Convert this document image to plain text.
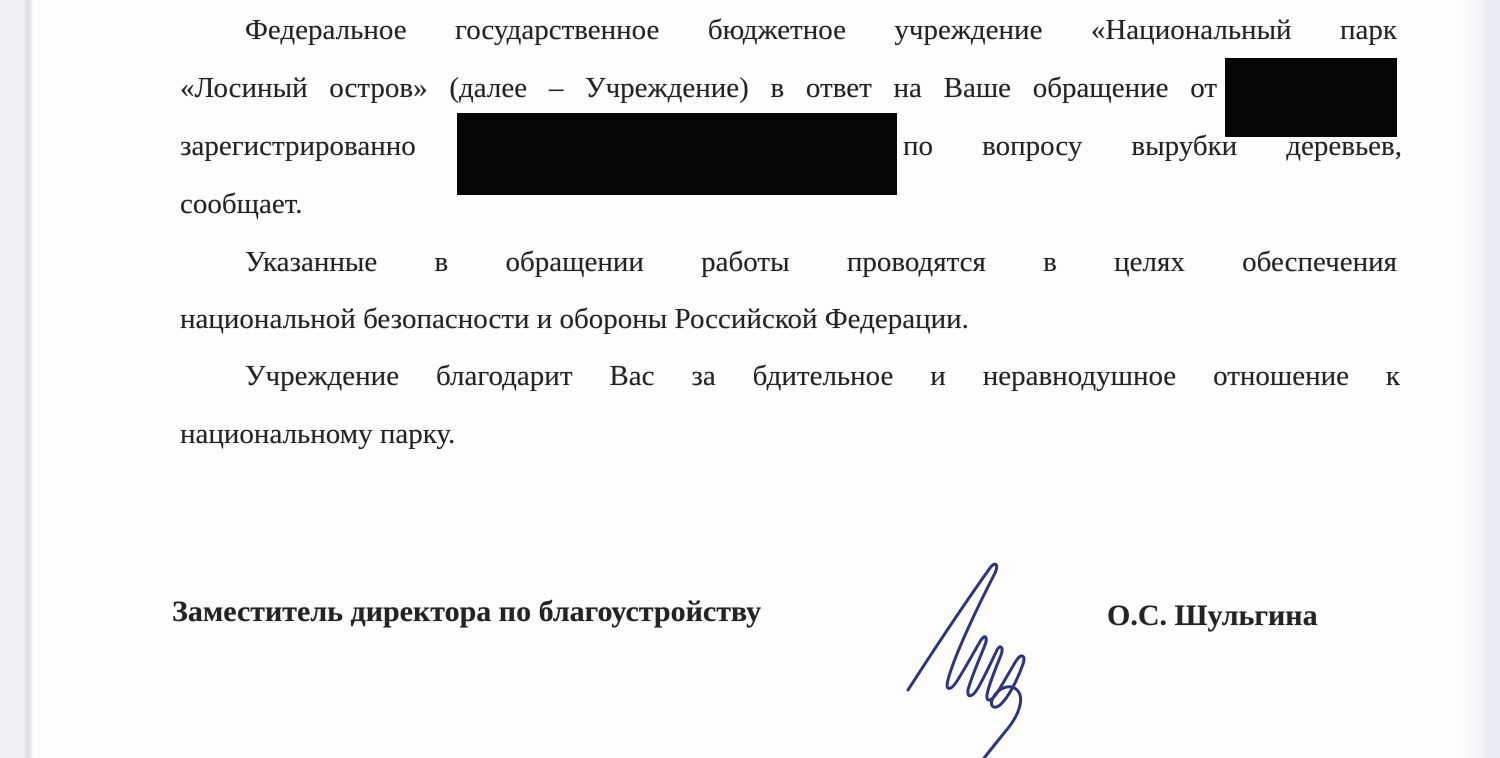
Федеральное государственное бюджетное учреждение «Национальный парк
«Лосиный остров» (далее – Учреждение) в ответ на Ваше обращение от
зарегистрированно	по вопросу вырубки деревьев,
сообщает.
Указанные в обращении работы проводятся в целях обеспечения
национальной безопасности и обороны Российской Федерации.
Учреждение благодарит Вас за бдительное и неравнодушное отношение к
национальному парку.
Заместитель директора по благоустройству	О.С. Шульгина
